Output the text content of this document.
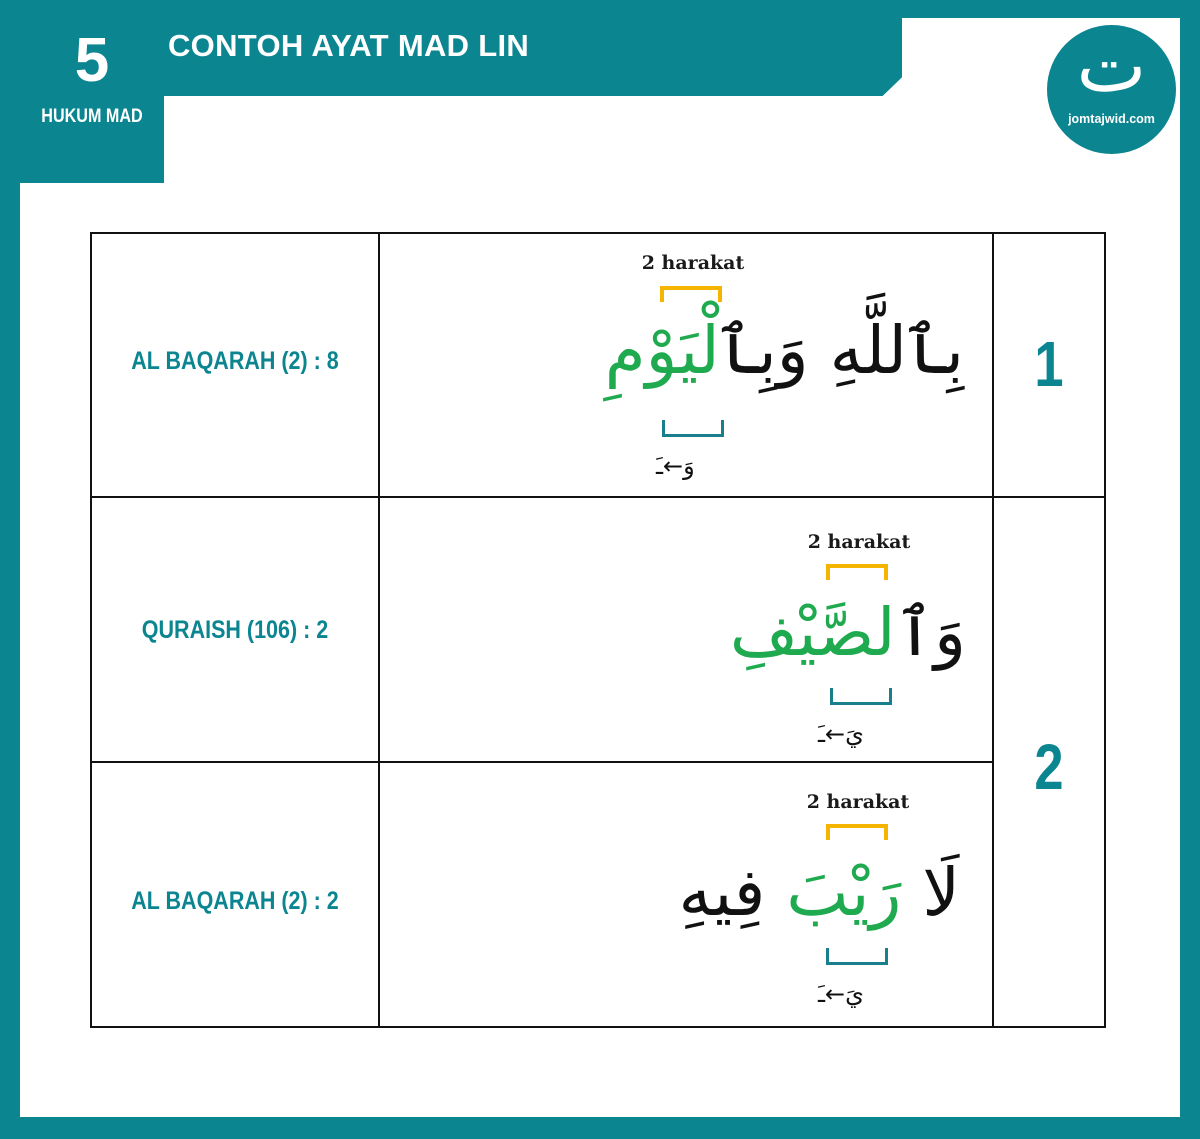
CONTOH AYAT MAD LIN
5
HUKUM MAD
ت
jomtajwid.com
AL BAQARAH (2) : 8	1
2 harakat
بِٱللَّهِ وَبِٱلْيَوْمِ
وَ←ـَ
QURAISH (106) : 2
2 harakat
وَٱلصَّيْفِ
يَ←ـَ	2
AL BAQARAH (2) : 2
2 harakat
لَا رَيْبَ فِيهِ
يَ←ـَ
